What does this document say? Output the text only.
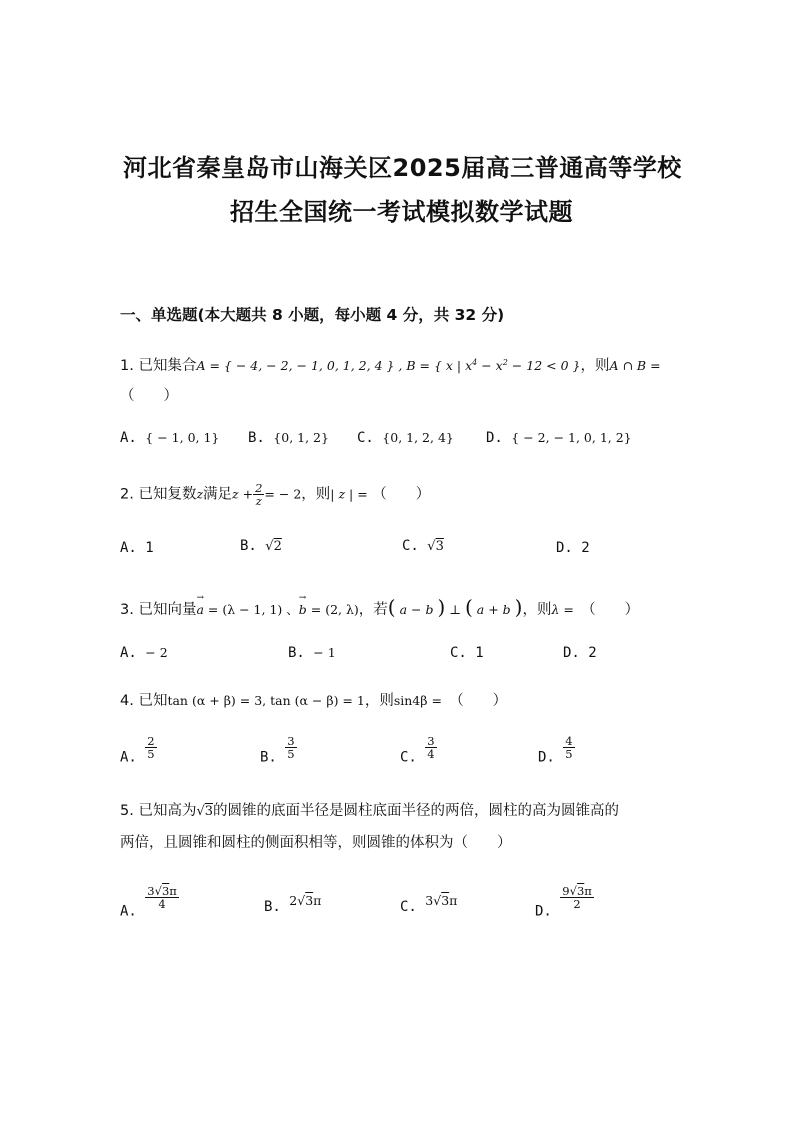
河北省秦皇岛市山海关区2025届高三普通高等学校
招生全国统一考试模拟数学试题
一、单选题(本大题共 8 小题，每小题 4 分，共 32 分)
1. 已知集合A = { − 4, − 2, − 1, 0, 1, 2, 4 } , B = { x | $x^4 - x^2 - 12 < 0$ }，则A ∩ B =
（　　）
A. { − 1, 0, 1} B. {0, 1, 2} C. {0, 1, 2, 4} D. { − 2, − 1, 0, 1, 2}
2. 已知复数z满足$z + \frac{2}{z}$ = − 2，则| z | = （　　）
A. 1	B. √2	C. √3	D. 2
3. 已知向量→ a = (λ − 1, 1) 、→ b = (2, λ)，若( a − b ) ⊥ ( a + b )，则λ =　 （　　）
A. − 2	B. − 1	C. 1	D. 2
4. 已知tan (α + β) = 3, tan (α − β) = 1，则sin4β =　 （　　）
A. $\frac{2}{5}$	B. $\frac{3}{5}$	C. $\frac{3}{4}$	D. $\frac{4}{5}$
5. 已知高为√3的圆锥的底面半径是圆柱底面半径的两倍，圆柱的高为圆锥高的
两倍，且圆锥和圆柱的侧面积相等，则圆锥的体积为（　　）
A.
$\frac{3√3\pi}{4}$	B. 2√3π	C. 3√3π
D.
$\frac{9√3\pi}{2}$
